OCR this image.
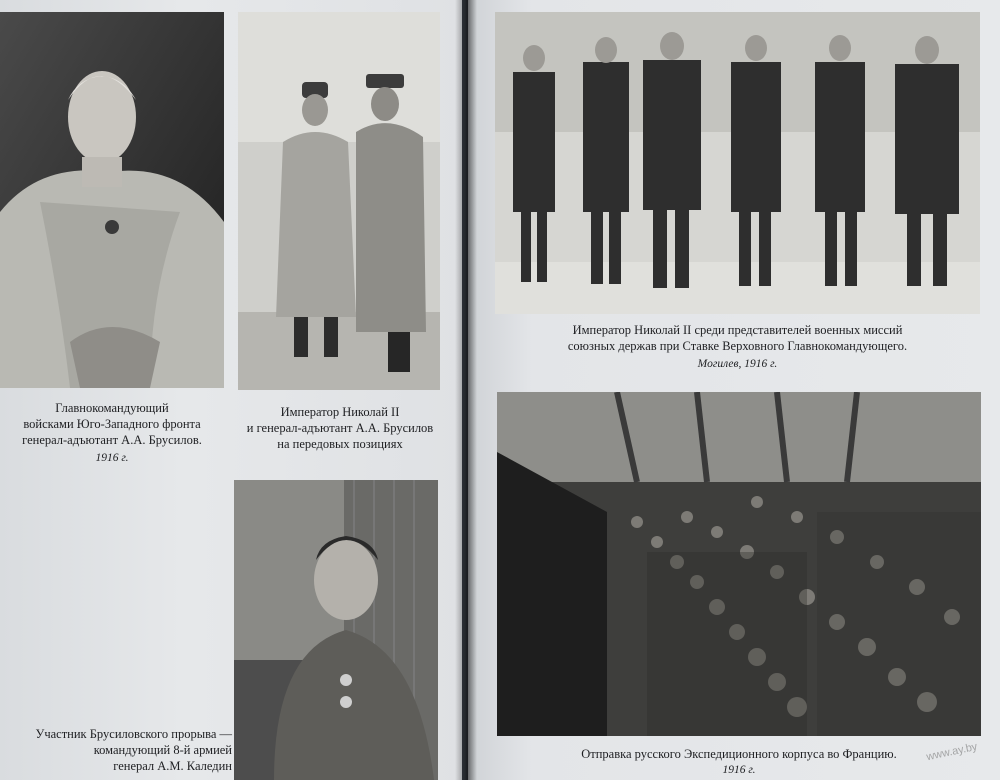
Главнокомандующий
войсками Юго-Западного фронта
генерал-адъютант А.А. Брусилов.
1916 г.
Император Николай II
и генерал-адъютант А.А. Брусилов
на передовых позициях
Участник Брусиловского прорыва —
командующий 8-й армией
генерал А.М. Каледин
Император Николай II среди представителей военных миссий
союзных держав при Ставке Верховного Главнокомандующего.
Могилев, 1916 г.
Отправка русского Экспедиционного корпуса во Францию.
1916 г.
www.ay.by
